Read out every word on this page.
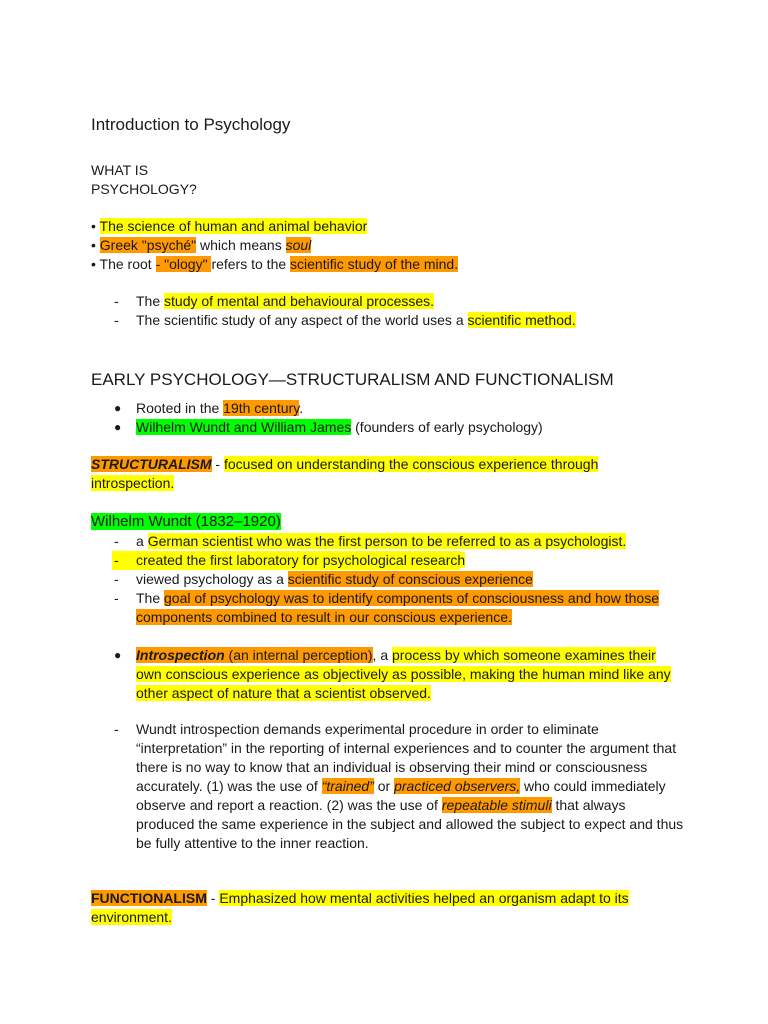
Introduction to Psychology
WHAT IS
PSYCHOLOGY?
• The science of human and animal behavior
• Greek "psyché" which means soul
• The root - "ology" refers to the scientific study of the mind.
- The study of mental and behavioural processes.
- The scientific study of any aspect of the world uses a scientific method.
EARLY PSYCHOLOGY—STRUCTURALISM AND FUNCTIONALISM
● Rooted in the 19th century.
● Wilhelm Wundt and William James (founders of early psychology)
STRUCTURALISM - focused on understanding the conscious experience through
introspection.
Wilhelm Wundt (1832–1920)
- a German scientist who was the first person to be referred to as a psychologist.
- created the first laboratory for psychological research
- viewed psychology as a scientific study of conscious experience
- The goal of psychology was to identify components of consciousness and how those
components combined to result in our conscious experience.
● Introspection (an internal perception), a process by which someone examines their
own conscious experience as objectively as possible, making the human mind like any
other aspect of nature that a scientist observed.
- Wundt introspection demands experimental procedure in order to eliminate
“interpretation” in the reporting of internal experiences and to counter the argument that
there is no way to know that an individual is observing their mind or consciousness
accurately. (1) was the use of “trained” or practiced observers, who could immediately
observe and report a reaction. (2) was the use of repeatable stimuli that always
produced the same experience in the subject and allowed the subject to expect and thus
be fully attentive to the inner reaction.
FUNCTIONALISM - Emphasized how mental activities helped an organism adapt to its
environment.
